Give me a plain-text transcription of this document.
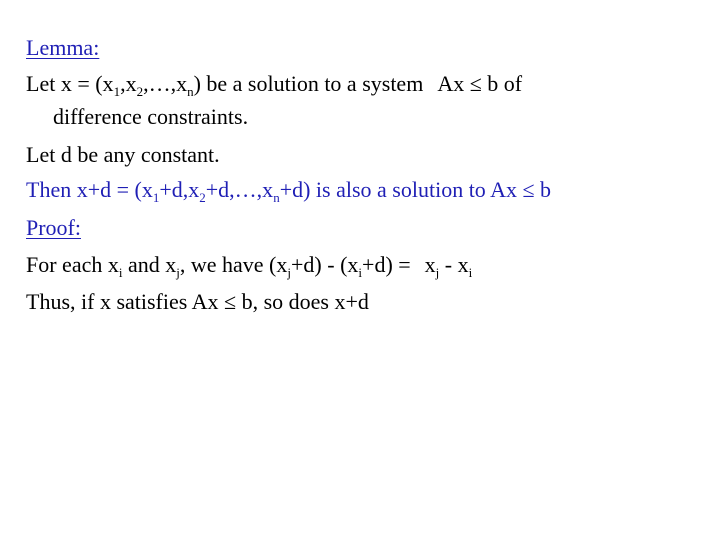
Lemma:
Let $x = (x_1,x_2,\dots,x_n)$ be a solution to a system Ax ≤ b of
difference constraints.
Let d be any constant.
Then $x+d = (x_1+d,x_2+d,\dots,x_n+d)$ is also a solution to Ax ≤ b
Proof:
For each $x_i$ and $x_j$, we have $(x_j+d) - (x_i+d) = x_j - x_i$
Thus, if x satisfies Ax ≤ b, so does x+d
